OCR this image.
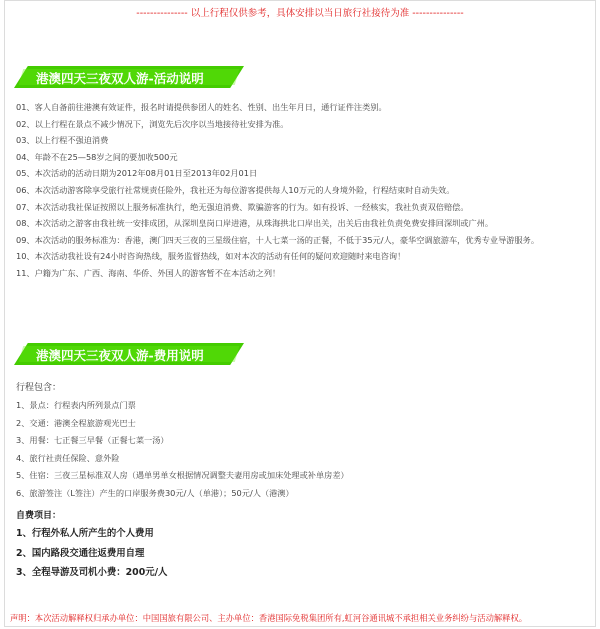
--------------- 以上行程仅供参考，具体安排以当日旅行社接待为准 ---------------
港澳四天三夜双人游-活动说明
01、客人自备前往港澳有效证件，报名时请提供参团人的姓名、性别、出生年月日，通行证件注类别。
02、以上行程在景点不减少情况下，浏览先后次序以当地接待社安排为准。
03、以上行程不强迫消费
04、年龄不在25—58岁之间的要加收500元
05、本次活动的活动日期为2012年08月01日至2013年02月01日
06、本次活动游客除享受旅行社常规责任险外，我社还为每位游客提供每人10万元的人身境外险，行程结束时自动失效。
07、本次活动我社保证按照以上服务标准执行，绝无强迫消费、欺骗游客的行为。如有投诉、一经核实，我社负责双倍赔偿。
08、本次活动之游客由我社统一安排成团，从深圳皇岗口岸进港，从珠海拱北口岸出关，出关后由我社负责免费安排回深圳或广州。
09、本次活动的服务标准为：香港，澳门四天三夜的三星级住宿，十人七菜一汤的正餐，不低于35元/人，豪华空调旅游车，优秀专业导游服务。
10、本次活动我社设有24小时咨询热线，服务监督热线，如对本次的活动有任何的疑问欢迎随时来电咨询！
11、户籍为广东、广西、海南、华侨、外国人的游客暂不在本活动之列！
港澳四天三夜双人游-费用说明
行程包含：
1、景点：行程表内所列景点门票
2、交通：港澳全程旅游观光巴士
3、用餐：七正餐三早餐（正餐七菜一汤）
4、旅行社责任保险、意外险
5、住宿：三夜三星标准双人房（遇单男单女根据情况调整夫妻用房或加床处理或补单房差）
6、旅游签注（L签注）产生的口岸服务费30元/人（单港）；50元/人（港澳）
自费项目：
1、行程外私人所产生的个人费用
2、国内路段交通往返费用自理
3、全程导游及司机小费：200元/人
声明：本次活动解释权归承办单位：中国国旅有限公司、主办单位：香港国际免税集团所有,虹河谷通讯城不承担相关业务纠纷与活动解释权。
